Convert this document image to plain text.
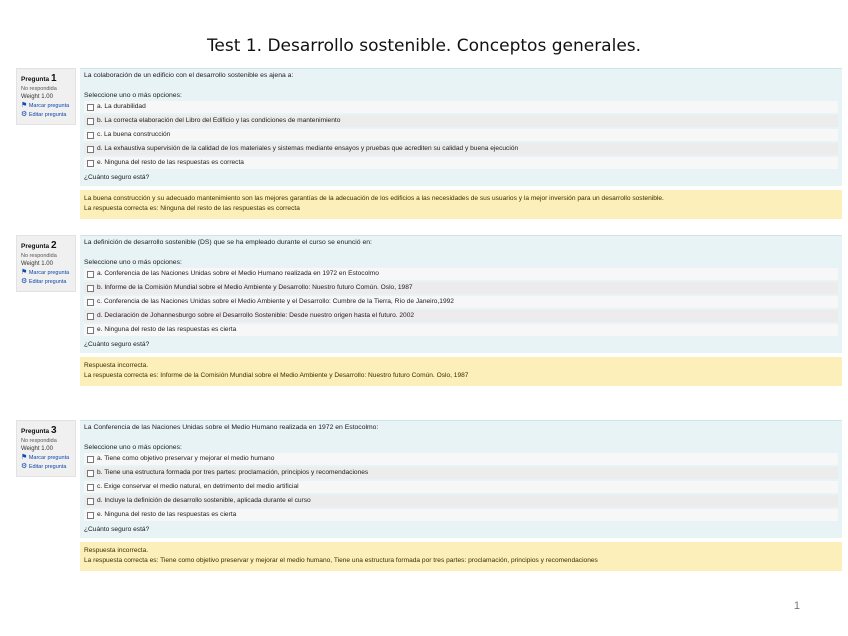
Test 1. Desarrollo sostenible. Conceptos generales.
Pregunta 1
No respondida
Weight 1.00
⚑ Marcar pregunta
⚙ Editar pregunta
La colaboración de un edificio con el desarrollo sostenible es ajena a:
Seleccione uno o más opciones:
a. La durabilidad
b. La correcta elaboración del Libro del Edificio y las condiciones de mantenimiento
c. La buena construcción
d. La exhaustiva supervisión de la calidad de los materiales y sistemas mediante ensayos y pruebas que acrediten su calidad y buena ejecución
e. Ninguna del resto de las respuestas es correcta
¿Cuánto seguro está?
La buena construcción y su adecuado mantenimiento son las mejores garantías de la adecuación de los edificios a las necesidades de sus usuarios y la mejor inversión para un desarrollo sostenible.
La respuesta correcta es: Ninguna del resto de las respuestas es correcta
Pregunta 2
No respondida
Weight 1.00
⚑ Marcar pregunta
⚙ Editar pregunta
La definición de desarrollo sostenible (DS) que se ha empleado durante el curso se enunció en:
Seleccione uno o más opciones:
a. Conferencia de las Naciones Unidas sobre el Medio Humano realizada en 1972 en Estocolmo
b. Informe de la Comisión Mundial sobre el Medio Ambiente y Desarrollo: Nuestro futuro Común. Oslo, 1987
c. Conferencia de las Naciones Unidas sobre el Medio Ambiente y el Desarrollo: Cumbre de la Tierra, Río de Janeiro,1992
d. Declaración de Johannesburgo sobre el Desarrollo Sostenible: Desde nuestro origen hasta el futuro. 2002
e. Ninguna del resto de las respuestas es cierta
¿Cuánto seguro está?
Respuesta incorrecta.
La respuesta correcta es: Informe de la Comisión Mundial sobre el Medio Ambiente y Desarrollo: Nuestro futuro Común. Oslo, 1987
Pregunta 3
No respondida
Weight 1.00
⚑ Marcar pregunta
⚙ Editar pregunta
La Conferencia de las Naciones Unidas sobre el Medio Humano realizada en 1972 en Estocolmo:
Seleccione uno o más opciones:
a. Tiene como objetivo preservar y mejorar el medio humano
b. Tiene una estructura formada por tres partes: proclamación, principios y recomendaciones
c. Exige conservar el medio natural, en detrimento del medio artificial
d. Incluye la definición de desarrollo sostenible, aplicada durante el curso
e. Ninguna del resto de las respuestas es cierta
¿Cuánto seguro está?
Respuesta incorrecta.
La respuesta correcta es: Tiene como objetivo preservar y mejorar el medio humano, Tiene una estructura formada por tres partes: proclamación, principios y recomendaciones
1
